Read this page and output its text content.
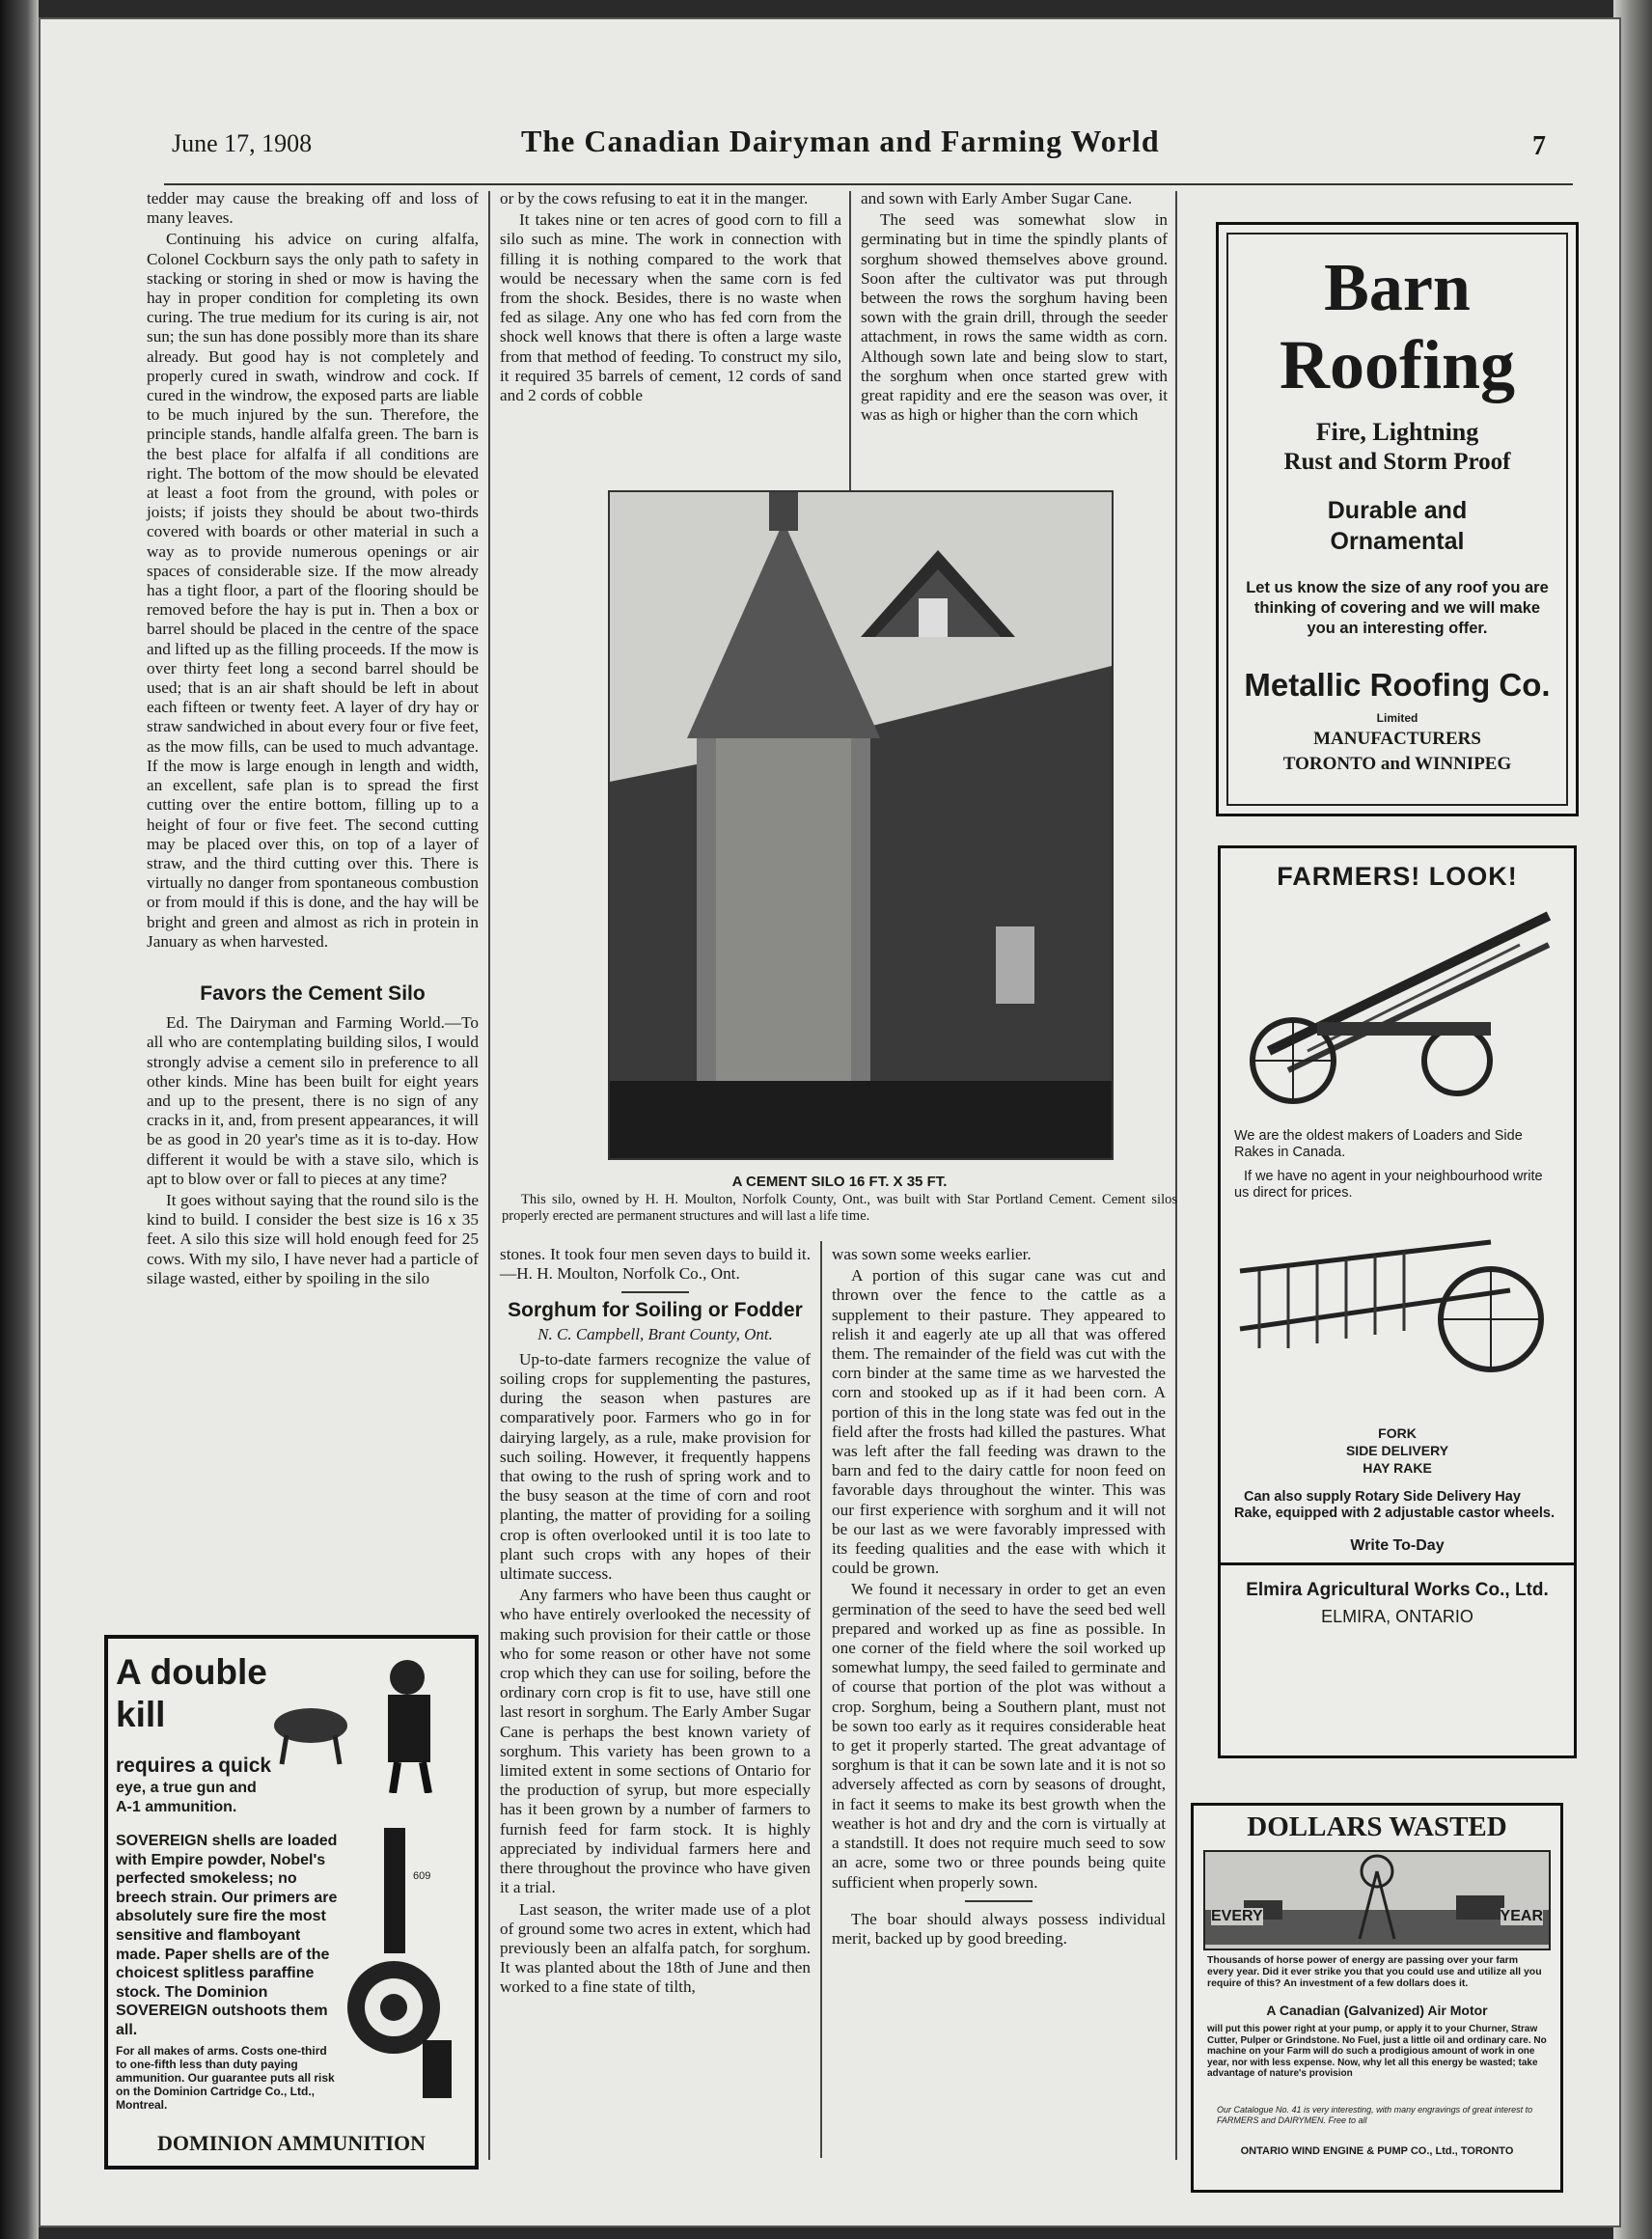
June 17, 1908	The Canadian Dairyman and Farming World	7

tedder may cause the breaking off and loss of many leaves.

Continuing his advice on curing alfalfa, Colonel Cockburn says the only path to safety in stacking or storing in shed or mow is having the hay in proper condition for completing its own curing. The true medium for its curing is air, not sun; the sun has done possibly more than its share already. But good hay is not completely and properly cured in swath, windrow and cock. If cured in the windrow, the exposed parts are liable to be much injured by the sun. Therefore, the principle stands, handle alfalfa green. The barn is the best place for alfalfa if all conditions are right. The bottom of the mow should be elevated at least a foot from the ground, with poles or joists; if joists they should be about two-thirds covered with boards or other material in such a way as to provide numerous openings or air spaces of considerable size. If the mow already has a tight floor, a part of the flooring should be removed before the hay is put in. Then a box or barrel should be placed in the centre of the space and lifted up as the filling proceeds. If the mow is over thirty feet long a second barrel should be used; that is an air shaft should be left in about each fifteen or twenty feet. A layer of dry hay or straw sandwiched in about every four or five feet, as the mow fills, can be used to much advantage. If the mow is large enough in length and width, an excellent, safe plan is to spread the first cutting over the entire bottom, filling up to a height of four or five feet. The second cutting may be placed over this, on top of a layer of straw, and the third cutting over this. There is virtually no danger from spontaneous combustion or from mould if this is done, and the hay will be bright and green and almost as rich in protein in January as when harvested.

Favors the Cement Silo

Ed. The Dairyman and Farming World.—To all who are contemplating building silos, I would strongly advise a cement silo in preference to all other kinds. Mine has been built for eight years and up to the present, there is no sign of any cracks in it, and, from present appearances, it will be as good in 20 year's time as it is to-day. How different it would be with a stave silo, which is apt to blow over or fall to pieces at any time?

It goes without saying that the round silo is the kind to build. I consider the best size is 16 x 35 feet. A silo this size will hold enough feed for 25 cows. With my silo, I have never had a particle of silage wasted, either by spoiling in the silo

or by the cows refusing to eat it in the manger.

It takes nine or ten acres of good corn to fill a silo such as mine. The work in connection with filling it is nothing compared to the work that would be necessary when the same corn is fed from the shock. Besides, there is no waste when fed as silage. Any one who has fed corn from the shock well knows that there is often a large waste from that method of feeding. To construct my silo, it required 35 barrels of cement, 12 cords of sand and 2 cords of cobble

and sown with Early Amber Sugar Cane.

The seed was somewhat slow in germinating but in time the spindly plants of sorghum showed themselves above ground. Soon after the cultivator was put through between the rows the sorghum having been sown with the grain drill, through the seeder attachment, in rows the same width as corn. Although sown late and being slow to start, the sorghum when once started grew with great rapidity and ere the season was over, it was as high or higher than the corn which

A CEMENT SILO 16 FT. X 35 FT.
This silo, owned by H. H. Moulton, Norfolk County, Ont., was built with Star Portland Cement. Cement silos properly erected are permanent structures and will last a life time.

stones. It took four men seven days to build it.—H. H. Moulton, Norfolk Co., Ont.

Sorghum for Soiling or Fodder
N. C. Campbell, Brant County, Ont.

Up-to-date farmers recognize the value of soiling crops for supplementing the pastures, during the season when pastures are comparatively poor. Farmers who go in for dairying largely, as a rule, make provision for such soiling. However, it frequently happens that owing to the rush of spring work and to the busy season at the time of corn and root planting, the matter of providing for a soiling crop is often overlooked until it is too late to plant such crops with any hopes of their ultimate success.

Any farmers who have been thus caught or who have entirely overlooked the necessity of making such provision for their cattle or those who for some reason or other have not some crop which they can use for soiling, before the ordinary corn crop is fit to use, have still one last resort in sorghum. The Early Amber Sugar Cane is perhaps the best known variety of sorghum. This variety has been grown to a limited extent in some sections of Ontario for the production of syrup, but more especially has it been grown by a number of farmers to furnish feed for farm stock. It is highly appreciated by individual farmers here and there throughout the province who have given it a trial.

Last season, the writer made use of a plot of ground some two acres in extent, which had previously been an alfalfa patch, for sorghum. It was planted about the 18th of June and then worked to a fine state of tilth,

was sown some weeks earlier.

A portion of this sugar cane was cut and thrown over the fence to the cattle as a supplement to their pasture. They appeared to relish it and eagerly ate up all that was offered them. The remainder of the field was cut with the corn binder at the same time as we harvested the corn and stooked up as if it had been corn. A portion of this in the long state was fed out in the field after the frosts had killed the pastures. What was left after the fall feeding was drawn to the barn and fed to the dairy cattle for noon feed on favorable days throughout the winter. This was our first experience with sorghum and it will not be our last as we were favorably impressed with its feeding qualities and the ease with which it could be grown.

We found it necessary in order to get an even germination of the seed to have the seed bed well prepared and worked up as fine as possible. In one corner of the field where the soil worked up somewhat lumpy, the seed failed to germinate and of course that portion of the plot was without a crop. Sorghum, being a Southern plant, must not be sown too early as it requires considerable heat to get it properly started. The great advantage of sorghum is that it can be sown late and it is not so adversely affected as corn by seasons of drought, in fact it seems to make its best growth when the weather is hot and dry and the corn is virtually at a standstill. It does not require much seed to sow an acre, some two or three pounds being quite sufficient when properly sown.

The boar should always possess individual merit, backed up by good breeding.

Barn
Roofing
Fire, Lightning
Rust and Storm Proof
Durable and
Ornamental
Let us know the size of any roof you are thinking of covering and we will make you an interesting offer.
Metallic Roofing Co.
Limited
MANUFACTURERS
TORONTO and WINNIPEG
FARMERS! LOOK!
We are the oldest makers of Loaders and Side Rakes in Canada.
If we have no agent in your neighbourhood write us direct for prices.
FORK
SIDE DELIVERY
HAY RAKE
Can also supply Rotary Side Delivery Hay Rake, equipped with 2 adjustable castor wheels.
Write To-Day
Elmira Agricultural Works Co., Ltd.
ELMIRA, ONTARIO
DOLLARS WASTED
EVERY	YEAR
Thousands of horse power of energy are passing over your farm every year. Did it ever strike you that you could use and utilize all you require of this? An investment of a few dollars does it.
A Canadian (Galvanized) Air Motor
will put this power right at your pump, or apply it to your Churner, Straw Cutter, Pulper or Grindstone. No Fuel, just a little oil and ordinary care. No machine on your Farm will do such a prodigious amount of work in one year, nor with less expense. Now, why let all this energy be wasted; take advantage of nature's provision
Our Catalogue No. 41 is very interesting, with many engravings of great interest to FARMERS and DAIRYMEN. Free to all
ONTARIO WIND ENGINE & PUMP CO., Ltd., TORONTO
A double
kill
requires a quick
eye, a true gun and
A-1 ammunition.
SOVEREIGN shells are loaded with Empire powder, Nobel's perfected smokeless; no breech strain. Our primers are absolutely sure fire the most sensitive and flamboyant made. Paper shells are of the choicest splitless paraffine stock. The Dominion SOVEREIGN outshoots them all.
For all makes of arms. Costs one-third to one-fifth less than duty paying ammunition. Our guarantee puts all risk on the Dominion Cartridge Co., Ltd., Montreal.
609
DOMINION AMMUNITION
